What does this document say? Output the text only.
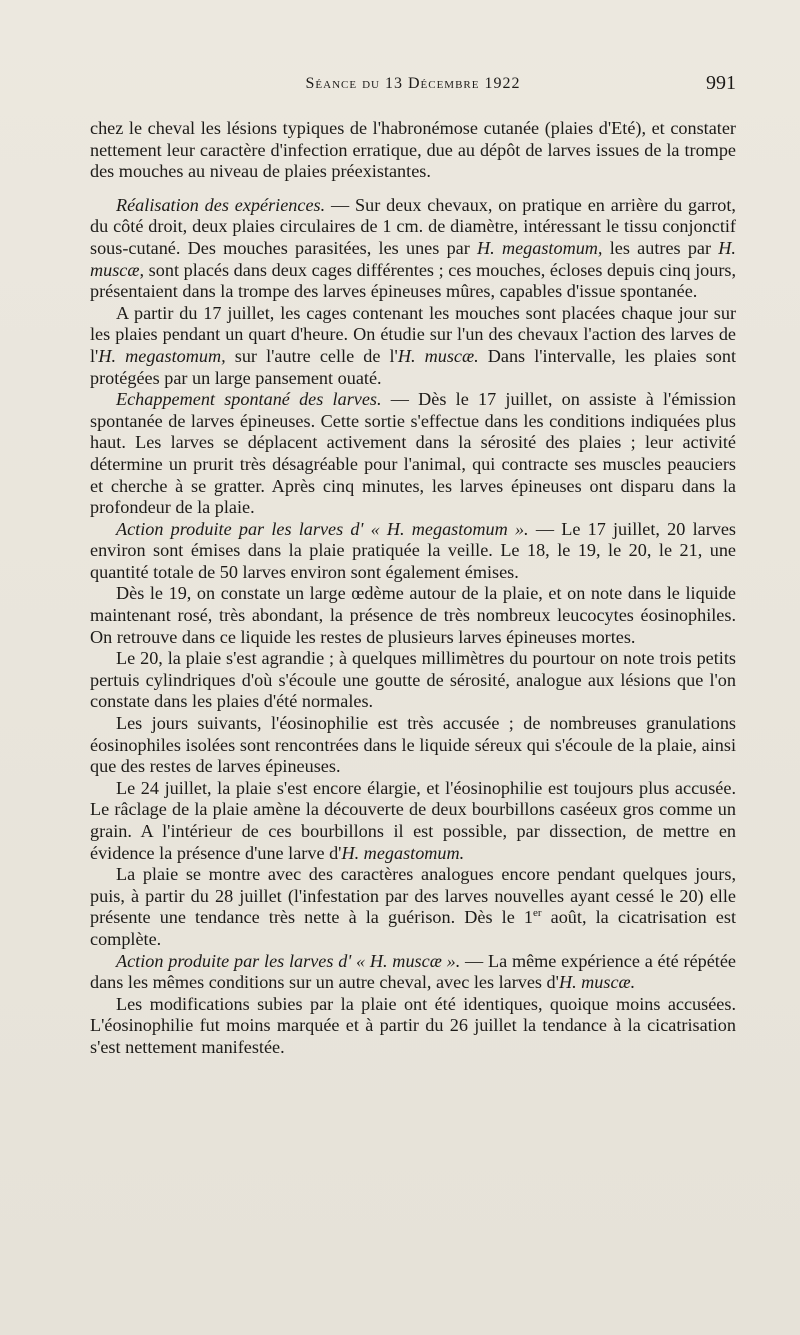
Séance du 13 Décembre 1922	991

chez le cheval les lésions typiques de l'habronémose cutanée (plaies d'Eté), et constater nettement leur caractère d'infection erratique, due au dépôt de larves issues de la trompe des mouches au niveau de plaies préexistantes.

Réalisation des expériences. — Sur deux chevaux, on pratique en arrière du garrot, du côté droit, deux plaies circulaires de 1 cm. de diamètre, intéressant le tissu conjonctif sous-cutané. Des mouches parasitées, les unes par H. megastomum, les autres par H. muscæ, sont placés dans deux cages différentes ; ces mouches, écloses depuis cinq jours, présentaient dans la trompe des larves épineuses mûres, capables d'issue spontanée.

A partir du 17 juillet, les cages contenant les mouches sont placées chaque jour sur les plaies pendant un quart d'heure. On étudie sur l'un des chevaux l'action des larves de l'H. megastomum, sur l'autre celle de l'H. muscæ. Dans l'intervalle, les plaies sont protégées par un large pansement ouaté.

Echappement spontané des larves. — Dès le 17 juillet, on assiste à l'émission spontanée de larves épineuses. Cette sortie s'effectue dans les conditions indiquées plus haut. Les larves se déplacent activement dans la sérosité des plaies ; leur activité détermine un prurit très désagréable pour l'animal, qui contracte ses muscles peauciers et cherche à se gratter. Après cinq minutes, les larves épineuses ont disparu dans la profondeur de la plaie.

Action produite par les larves d' « H. megastomum ». — Le 17 juillet, 20 larves environ sont émises dans la plaie pratiquée la veille. Le 18, le 19, le 20, le 21, une quantité totale de 50 larves environ sont également émises.

Dès le 19, on constate un large œdème autour de la plaie, et on note dans le liquide maintenant rosé, très abondant, la présence de très nombreux leucocytes éosinophiles. On retrouve dans ce liquide les restes de plusieurs larves épineuses mortes.

Le 20, la plaie s'est agrandie ; à quelques millimètres du pourtour on note trois petits pertuis cylindriques d'où s'écoule une goutte de sérosité, analogue aux lésions que l'on constate dans les plaies d'été normales.

Les jours suivants, l'éosinophilie est très accusée ; de nombreuses granulations éosinophiles isolées sont rencontrées dans le liquide séreux qui s'écoule de la plaie, ainsi que des restes de larves épineuses.

Le 24 juillet, la plaie s'est encore élargie, et l'éosinophilie est toujours plus accusée. Le râclage de la plaie amène la découverte de deux bourbillons caséeux gros comme un grain. A l'intérieur de ces bourbillons il est possible, par dissection, de mettre en évidence la présence d'une larve d'H. megastomum.

La plaie se montre avec des caractères analogues encore pendant quelques jours, puis, à partir du 28 juillet (l'infestation par des larves nouvelles ayant cessé le 20) elle présente une tendance très nette à la guérison. Dès le 1er août, la cicatrisation est complète.

Action produite par les larves d' « H. muscæ ». — La même expérience a été répétée dans les mêmes conditions sur un autre cheval, avec les larves d'H. muscæ.

Les modifications subies par la plaie ont été identiques, quoique moins accusées. L'éosinophilie fut moins marquée et à partir du 26 juillet la tendance à la cicatrisation s'est nettement manifestée.
